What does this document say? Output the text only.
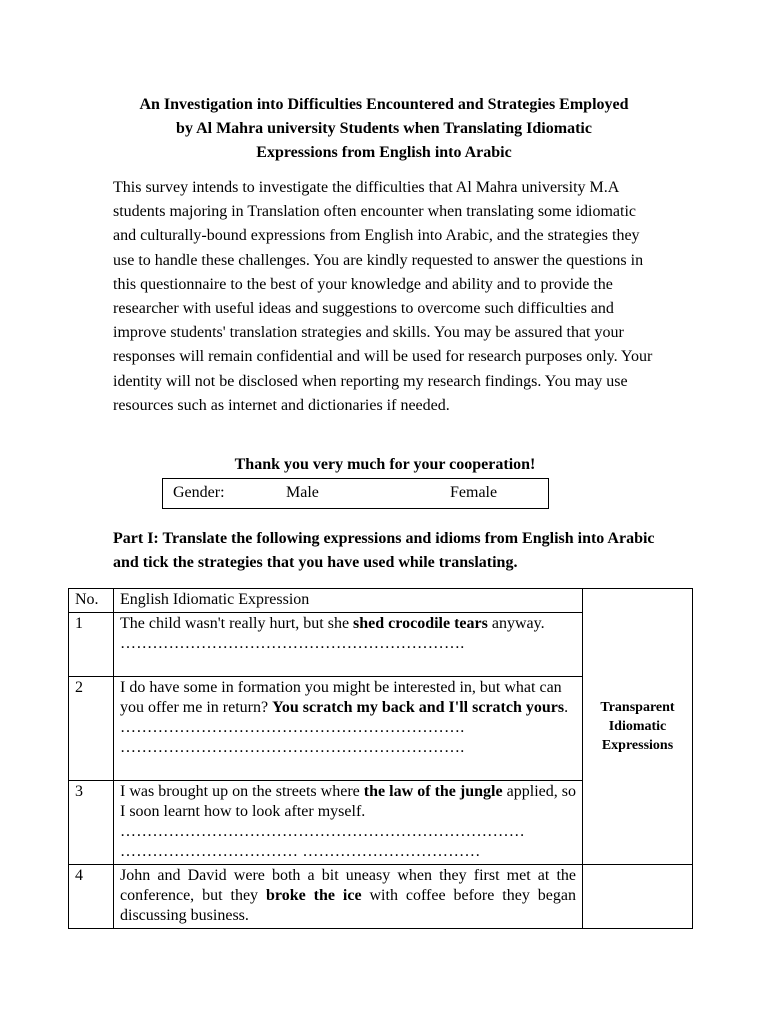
An Investigation into Difficulties Encountered and Strategies Employed
by Al Mahra university Students when Translating Idiomatic
Expressions from English into Arabic

This survey intends to investigate the difficulties that Al Mahra university M.A students majoring in Translation often encounter when translating some idiomatic and culturally-bound expressions from English into Arabic, and the strategies they use to handle these challenges. You are kindly requested to answer the questions in this questionnaire to the best of your knowledge and ability and to provide the researcher with useful ideas and suggestions to overcome such difficulties and improve students' translation strategies and skills. You may be assured that your responses will remain confidential and will be used for research purposes only. Your identity will not be disclosed when reporting my research findings. You may use resources such as internet and dictionaries if needed.

Thank you very much for your cooperation!
Gender:	Male	Female
Part I: Translate the following expressions and idioms from English into Arabic and tick the strategies that you have used while translating.
No.	English Idiomatic Expression	Transparent
Idiomatic
Expressions
1	The child wasn't really hurt, but she shed crocodile tears anyway.
……………………………………………………….	

2	I do have some in formation you might be interested in, but what can you offer me in return? You scratch my back and I'll scratch yours.
……………………………………………………….
……………………………………………………….	

3	I was brought up on the streets where the law of the jungle applied, so I soon learnt how to look after myself.
…………………………………………………………………
…………………………… ……………………………	

4	John and David were both a bit uneasy when they first met at the conference, but they broke the ice with coffee before they began discussing business.	
